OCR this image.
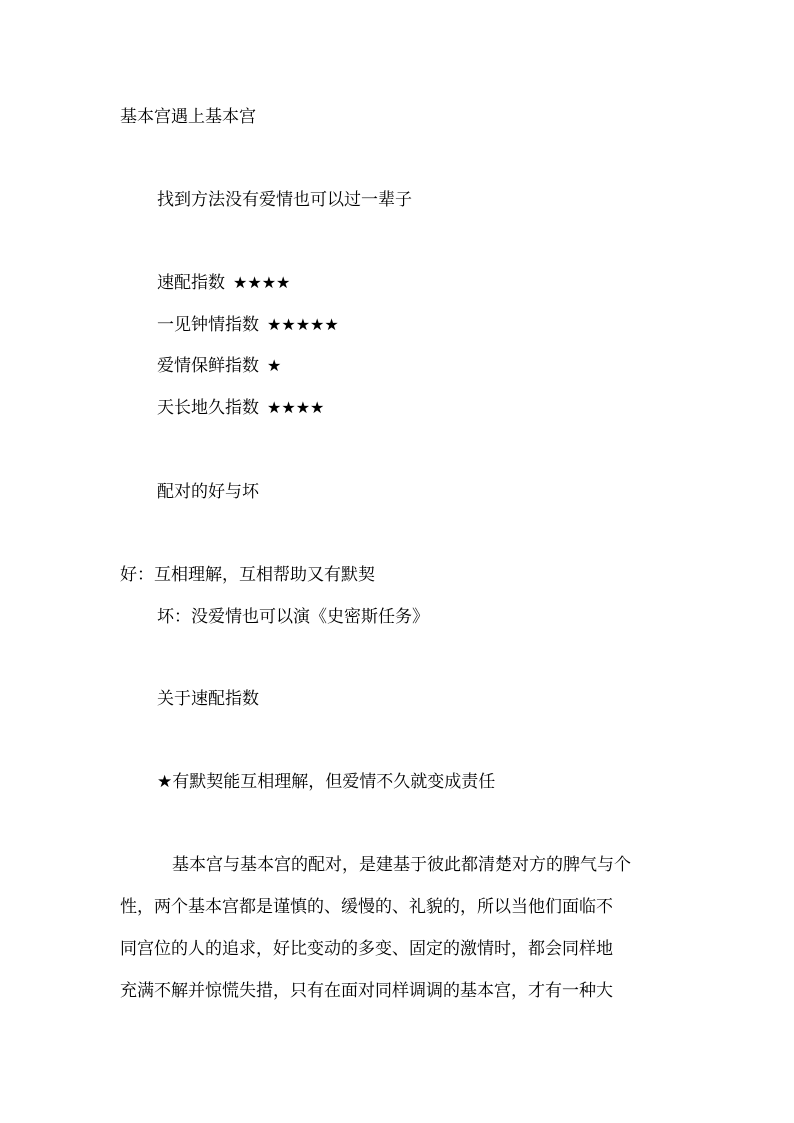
基本宫遇上基本宫
找到方法没有爱情也可以过一辈子
速配指数 ★★★★
一见钟情指数 ★★★★★
爱情保鲜指数 ★
天长地久指数 ★★★★
配对的好与坏
好：互相理解，互相帮助又有默契
坏：没爱情也可以演《史密斯任务》
关于速配指数
★有默契能互相理解，但爱情不久就变成责任
　基本宫与基本宫的配对，是建基于彼此都清楚对方的脾气与个
性，两个基本宫都是谨慎的、缓慢的、礼貌的，所以当他们面临不
同宫位的人的追求，好比变动的多变、固定的激情时，都会同样地
充满不解并惊慌失措，只有在面对同样调调的基本宫，才有一种大
